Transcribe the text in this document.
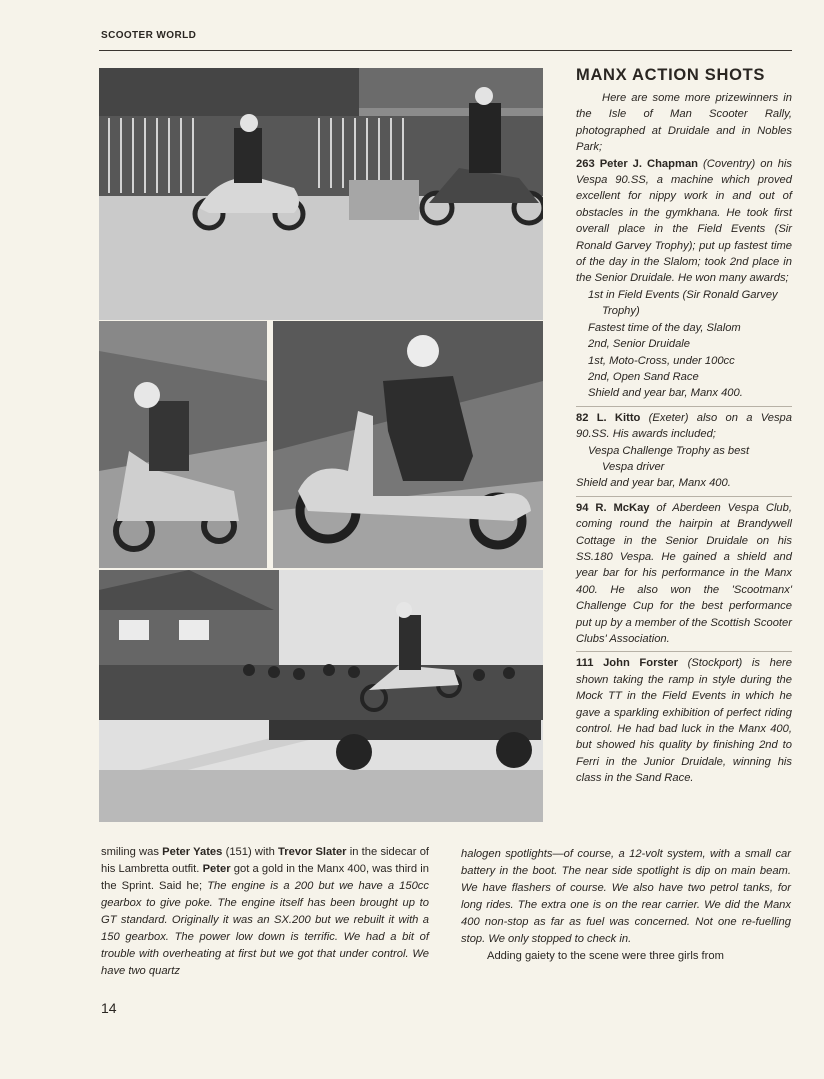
SCOOTER WORLD
MANX ACTION SHOTS

Here are some more prizewinners in the Isle of Man Scooter Rally, photographed at Druidale and in Nobles Park;

263 Peter J. Chapman (Coventry) on his Vespa 90.SS, a machine which proved excellent for nippy work in and out of obstacles in the gymkhana. He took first overall place in the Field Events (Sir Ronald Garvey Trophy); put up fastest time of the day in the Slalom; took 2nd place in the Senior Druidale. He won many awards;

1st in Field Events (Sir Ronald Garvey

Trophy)

Fastest time of the day, Slalom

2nd, Senior Druidale

1st, Moto-Cross, under 100cc

2nd, Open Sand Race

Shield and year bar, Manx 400.

82 L. Kitto (Exeter) also on a Vespa 90.SS. His awards included;

Vespa Challenge Trophy as best

Vespa driver

Shield and year bar, Manx 400.

94 R. McKay of Aberdeen Vespa Club, coming round the hairpin at Brandywell Cottage in the Senior Druidale on his SS.180 Vespa. He gained a shield and year bar for his performance in the Manx 400. He also won the 'Scootmanx' Challenge Cup for the best performance put up by a member of the Scottish Scooter Clubs' Association.

111 John Forster (Stockport) is here shown taking the ramp in style during the Mock TT in the Field Events in which he gave a sparkling exhibition of perfect riding control. He had bad luck in the Manx 400, but showed his quality by finishing 2nd to Ferri in the Junior Druidale, winning his class in the Sand Race.

smiling was Peter Yates (151) with Trevor Slater in the sidecar of his Lambretta outfit. Peter got a gold in the Manx 400, was third in the Sprint. Said he; The engine is a 200 but we have a 150cc gearbox to give poke. The engine itself has been brought up to GT standard. Originally it was an SX.200 but we rebuilt it with a 150 gearbox. The power low down is terrific. We had a bit of trouble with overheating at first but we got that under control. We have two quartz

halogen spotlights—of course, a 12-volt system, with a small car battery in the boot. The near side spotlight is dip on main beam. We have flashers of course. We also have two petrol tanks, for long rides. The extra one is on the rear carrier. We did the Manx 400 non-stop as far as fuel was concerned. Not one re-fuelling stop. We only stopped to check in.

Adding gaiety to the scene were three girls from

14
